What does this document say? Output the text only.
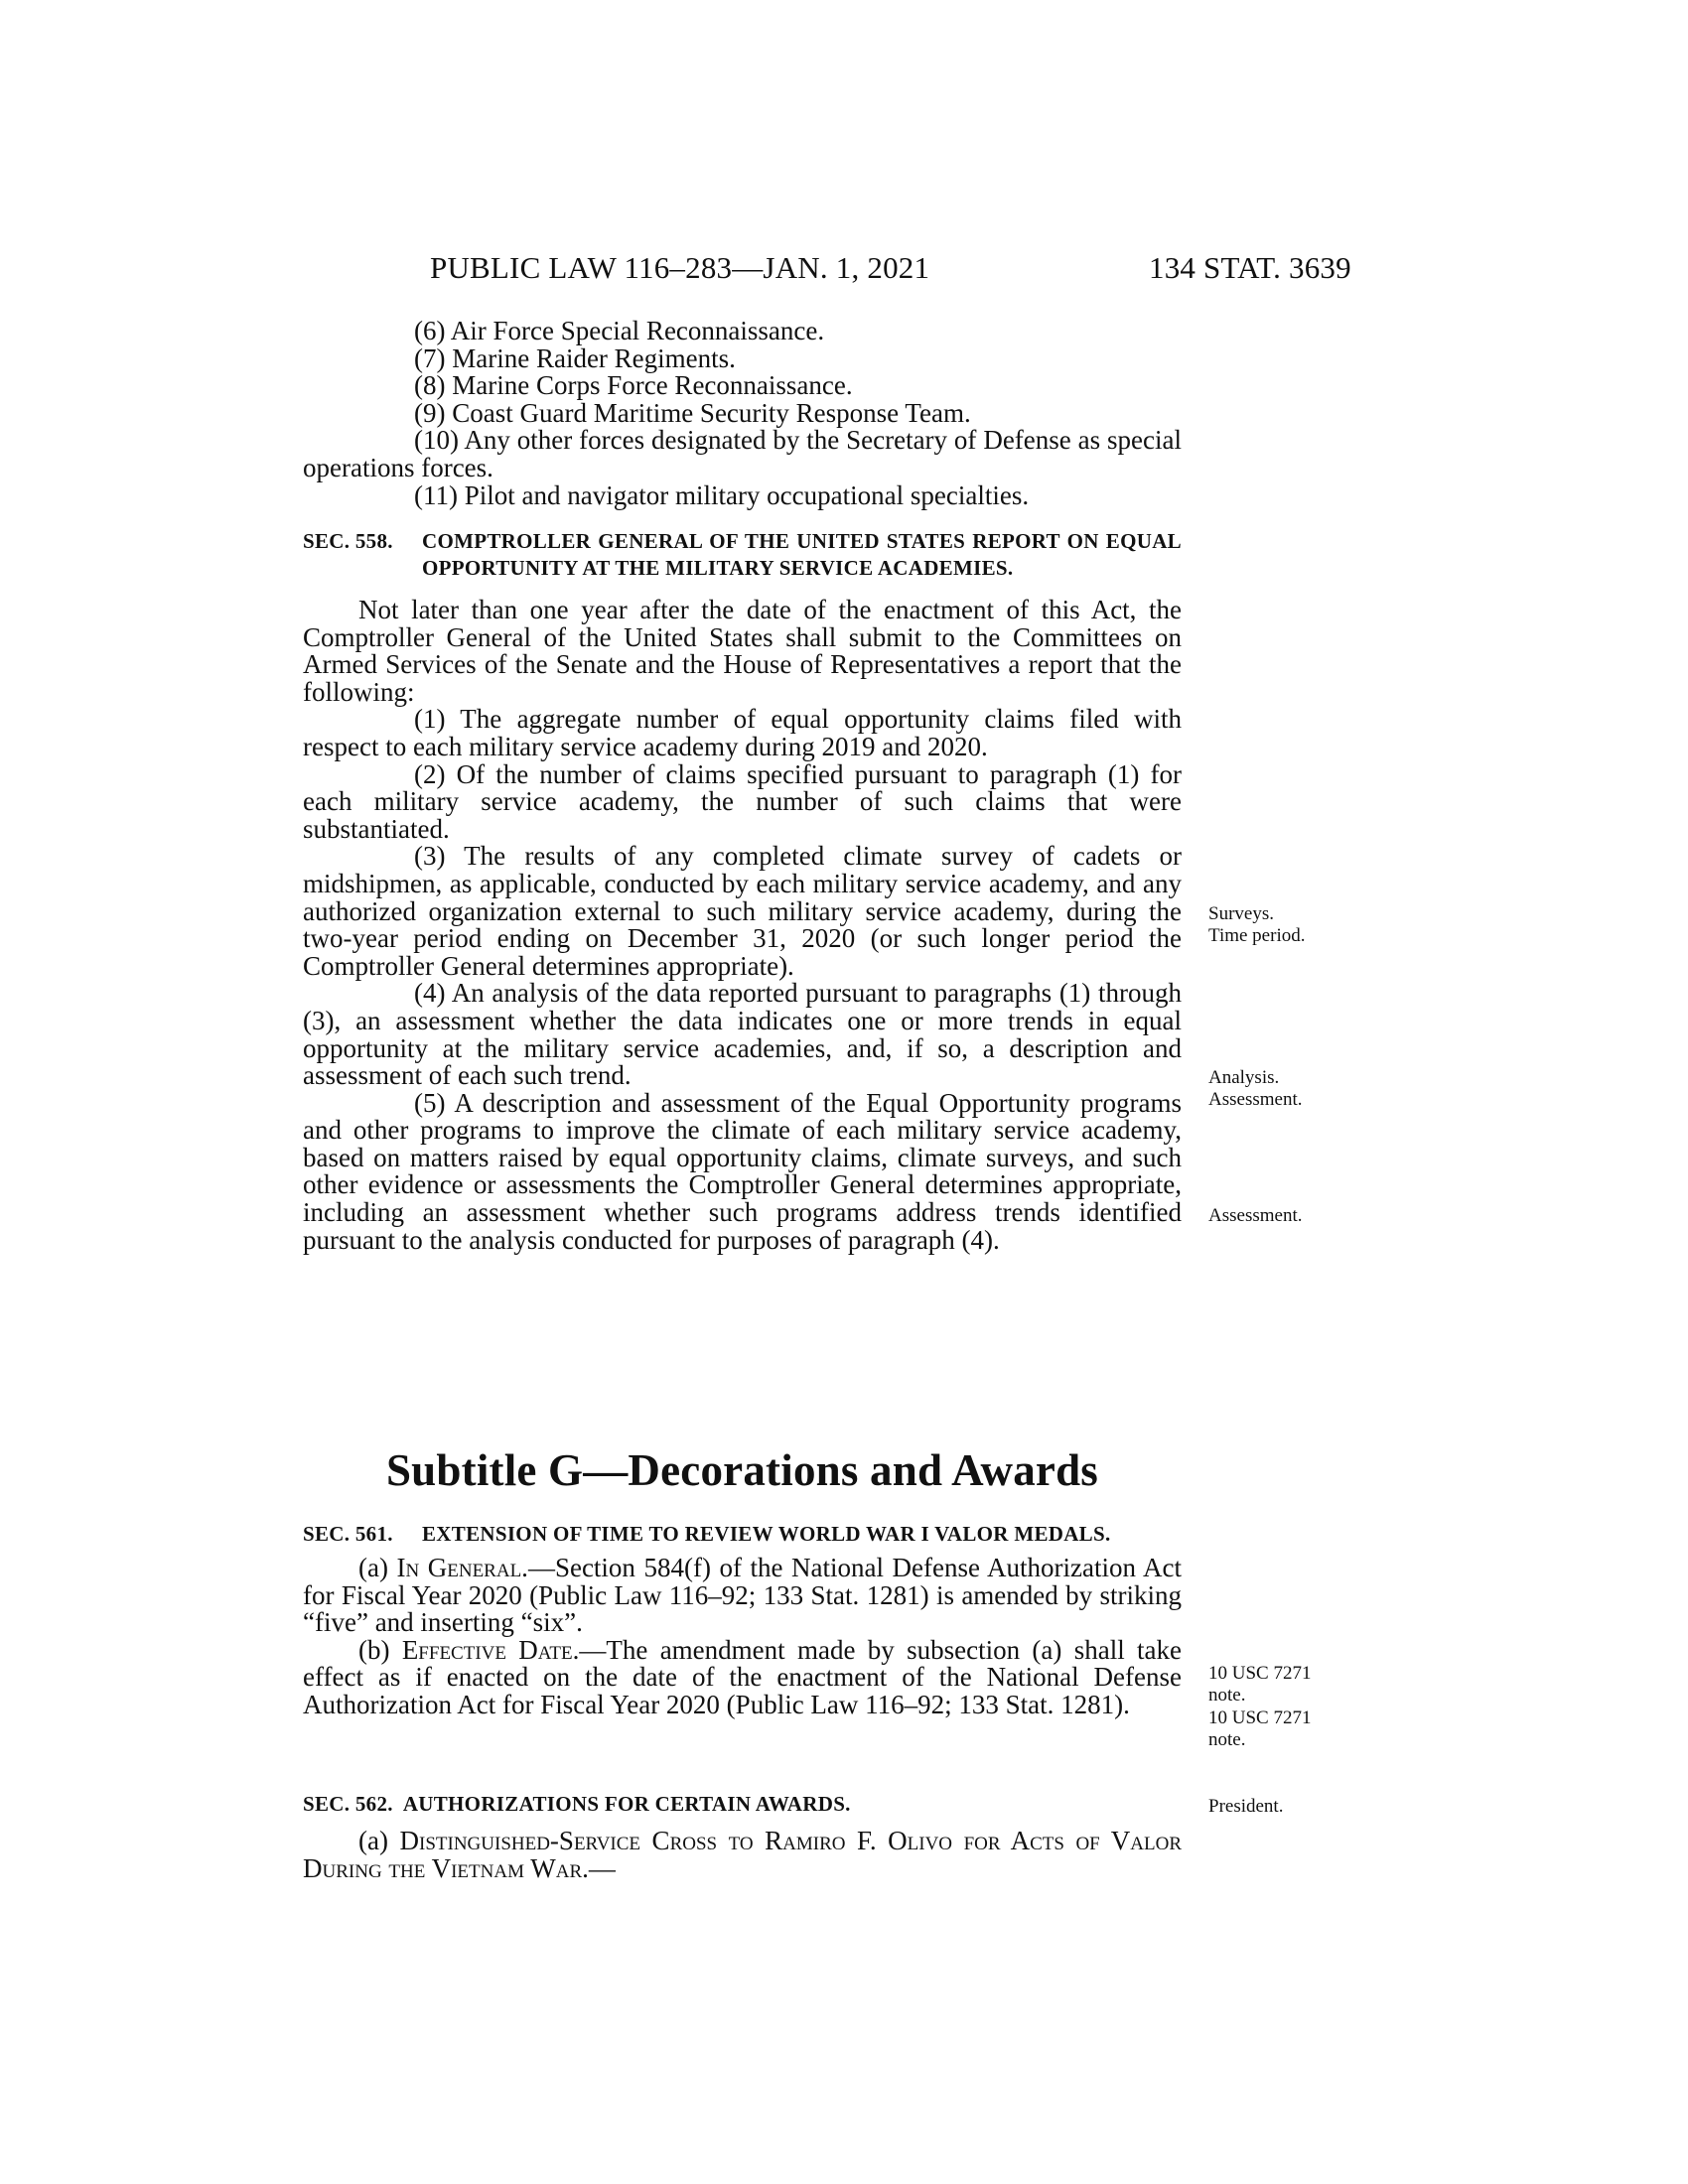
PUBLIC LAW 116–283—JAN. 1, 2021	134 STAT. 3639

(6) Air Force Special Reconnaissance.

(7) Marine Raider Regiments.

(8) Marine Corps Force Reconnaissance.

(9) Coast Guard Maritime Security Response Team.

(10) Any other forces designated by the Secretary of Defense as special operations forces.

(11) Pilot and navigator military occupational specialties.

SEC. 558. COMPTROLLER GENERAL OF THE UNITED STATES REPORT ON EQUAL OPPORTUNITY AT THE MILITARY SERVICE ACADEMIES.

Not later than one year after the date of the enactment of this Act, the Comptroller General of the United States shall submit to the Committees on Armed Services of the Senate and the House of Representatives a report that the following:

(1) The aggregate number of equal opportunity claims filed with respect to each military service academy during 2019 and 2020.

(2) Of the number of claims specified pursuant to paragraph (1) for each military service academy, the number of such claims that were substantiated.

(3) The results of any completed climate survey of cadets or midshipmen, as applicable, conducted by each military service academy, and any authorized organization external to such military service academy, during the two-year period ending on December 31, 2020 (or such longer period the Comptroller General determines appropriate).

(4) An analysis of the data reported pursuant to paragraphs (1) through (3), an assessment whether the data indicates one or more trends in equal opportunity at the military service academies, and, if so, a description and assessment of each such trend.

(5) A description and assessment of the Equal Opportunity programs and other programs to improve the climate of each military service academy, based on matters raised by equal opportunity claims, climate surveys, and such other evidence or assessments the Comptroller General determines appropriate, including an assessment whether such programs address trends identified pursuant to the analysis conducted for purposes of paragraph (4).

Subtitle G—Decorations and Awards

SEC. 561. EXTENSION OF TIME TO REVIEW WORLD WAR I VALOR MEDALS.

(a) In General.—Section 584(f) of the National Defense Authorization Act for Fiscal Year 2020 (Public Law 116–92; 133 Stat. 1281) is amended by striking “five” and inserting “six”.

(b) Effective Date.—The amendment made by subsection (a) shall take effect as if enacted on the date of the enactment of the National Defense Authorization Act for Fiscal Year 2020 (Public Law 116–92; 133 Stat. 1281).

SEC. 562. AUTHORIZATIONS FOR CERTAIN AWARDS.

(a) Distinguished-Service Cross to Ramiro F. Olivo for Acts of Valor During the Vietnam War.—

Surveys.
Time period.
Analysis.
Assessment.
Assessment.
10 USC 7271 note.
10 USC 7271 note.
President.
